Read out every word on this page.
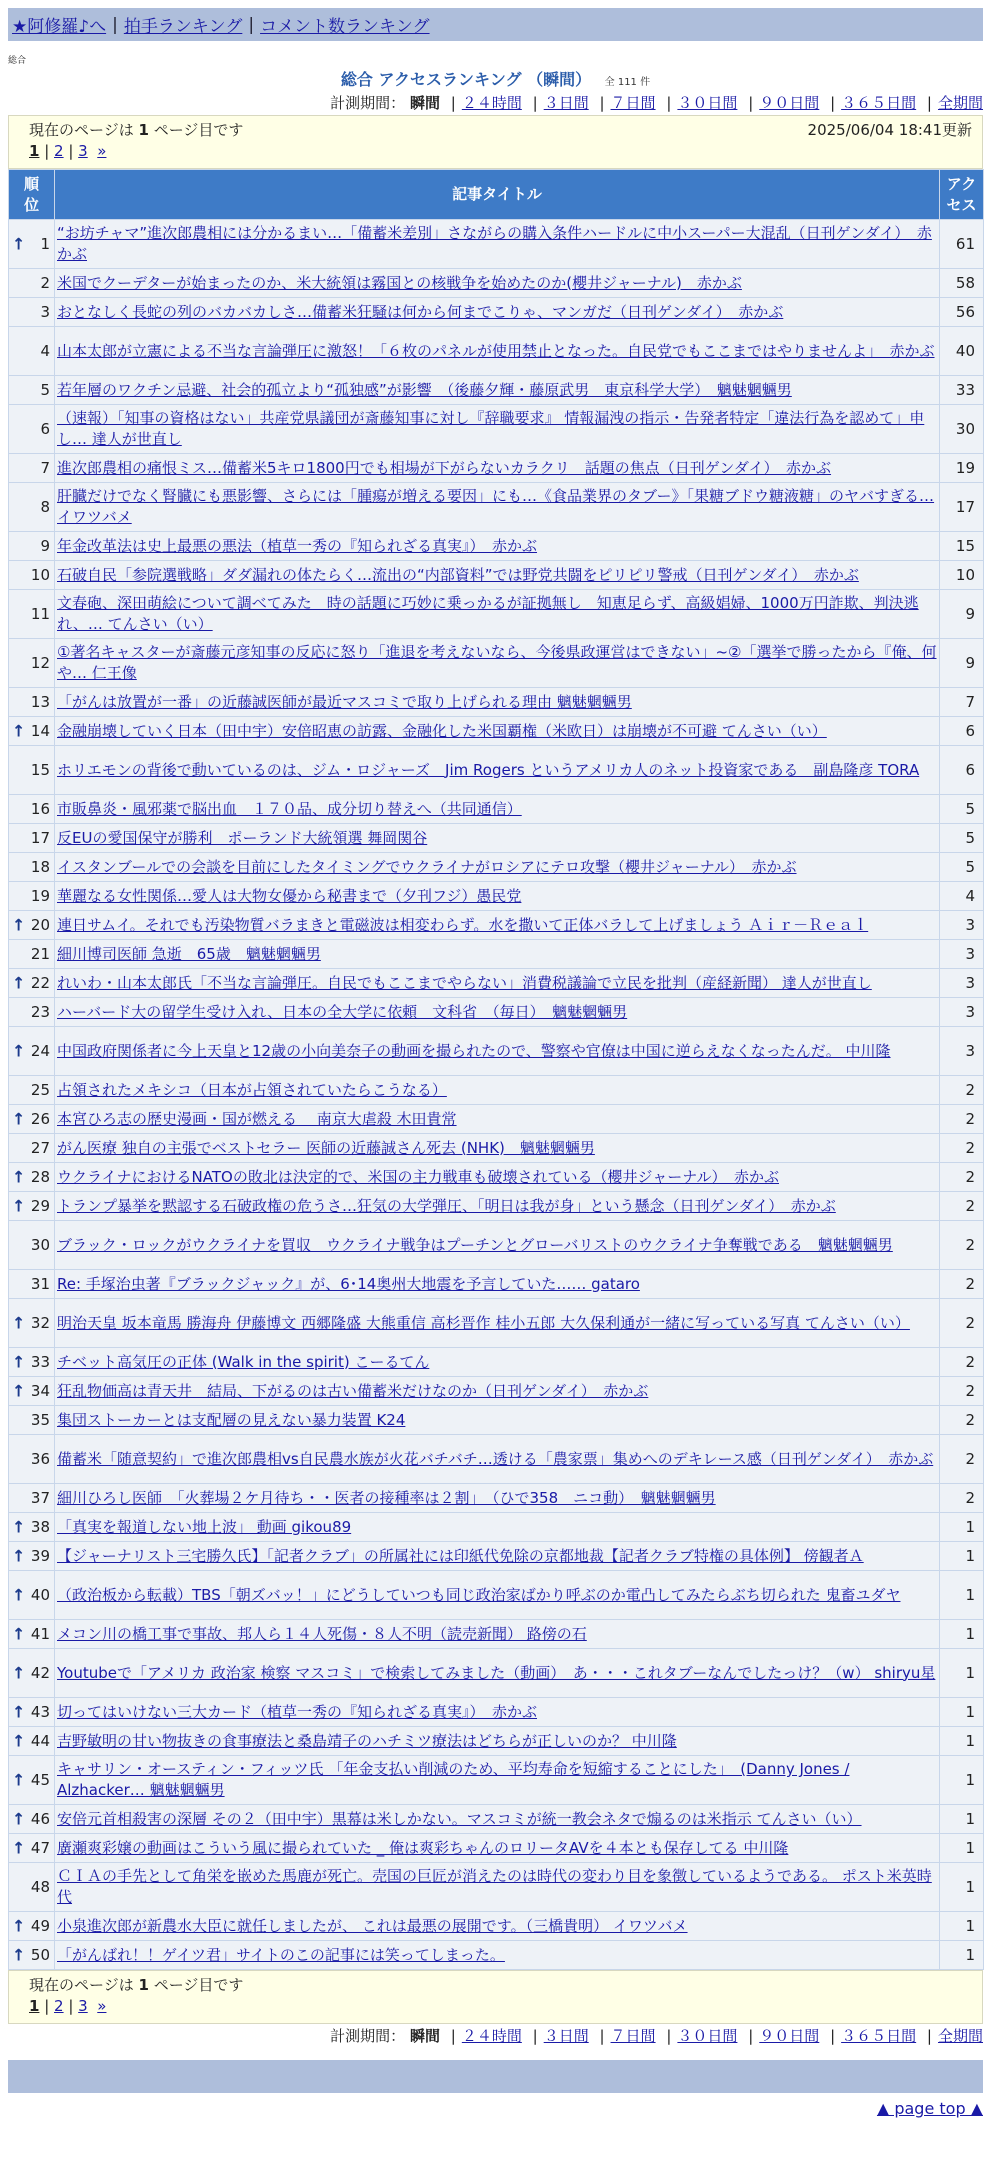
★阿修羅♪へ | 拍手ランキング | コメント数ランキング
総合
総合 アクセスランキング （瞬間） 全 111 件
計測期間： 瞬間 | ２４時間 | ３日間 | ７日間 | ３０日間 | ９０日間 | ３６５日間 | 全期間
現在のページは 1 ページ目です	2025/06/04 18:41更新
1 | 2 | 3 »
順位	記事タイトル	アクセス

↑ 1	“お坊チャマ”進次郎農相には分かるまい…「備蓄米差別」さながらの購入条件ハードルに中小スーパー大混乱（日刊ゲンダイ）　赤かぶ	61
2	米国でクーデターが始まったのか、米大統領は霧国との核戦争を始めたのか(櫻井ジャーナル)　赤かぶ	58
3	おとなしく長蛇の列のバカバカしさ…備蓄米狂騒は何から何までこりゃ、マンガだ（日刊ゲンダイ）　赤かぶ	56
4	山本太郎が立憲による不当な言論弾圧に激怒！「６枚のパネルが使用禁止となった。自民党でもここまではやりませんよ」　赤かぶ	40
5	若年層のワクチン忌避、社会的孤立より“孤独感”が影響　（後藤夕輝・藤原武男　東京科学大学）　魑魅魍魎男	33
6	（速報）「知事の資格はない」共産党県議団が斎藤知事に対し『辞職要求』 情報漏洩の指示・告発者特定「違法行為を認めて」申し… 達人が世直し	30
7	進次郎農相の痛恨ミス…備蓄米5キロ1800円でも相場が下がらないカラクリ　話題の焦点（日刊ゲンダイ）　赤かぶ	19
8	肝臓だけでなく腎臓にも悪影響、さらには「腫瘍が増える要因」にも…《食品業界のタブー》「果糖ブドウ糖液糖」のヤバすぎる… イワツバメ	17
9	年金改革法は史上最悪の悪法（植草一秀の『知られざる真実』）　赤かぶ	15
10	石破自民「参院選戦略」ダダ漏れの体たらく…流出の“内部資料”では野党共闘をピリピリ警戒（日刊ゲンダイ）　赤かぶ	10
11	文春砲、深田萌絵について調べてみた　時の話題に巧妙に乗っかるが証拠無し　知恵足らず、高級娼婦、1000万円詐欺、判決逃れ、… てんさい（い）	9
12	①著名キャスターが斎藤元彦知事の反応に怒り「進退を考えないなら、今後県政運営はできない」~②「選挙で勝ったから『俺、何や… 仁王像	9
13	「がんは放置が一番」の近藤誠医師が最近マスコミで取り上げられる理由 魑魅魍魎男	7

↑ 14	金融崩壊していく日本（田中宇）安倍昭恵の訪露、金融化した米国覇権（米欧日）は崩壊が不可避 てんさい（い）	6
15	ホリエモンの背後で動いているのは、ジム・ロジャーズ　Jim Rogers というアメリカ人のネット投資家である　副島隆彦 TORA	6
16	市販鼻炎・風邪薬で脳出血　１７０品、成分切り替えへ（共同通信）	5
17	反EUの愛国保守が勝利　ポーランド大統領選 舞岡関谷	5
18	イスタンブールでの会談を目前にしたタイミングでウクライナがロシアにテロ攻撃（櫻井ジャーナル）　赤かぶ	5
19	華麗なる女性関係…愛人は大物女優から秘書まで（夕刊フジ）愚民党	4

↑ 20	連日サムイ。それでも汚染物質バラまきと電磁波は相変わらず。水を撒いて正体バラして上げましょう Ａｉｒ－Ｒｅａｌ	3
21	細川博司医師 急逝　65歳　魑魅魍魎男	3

↑ 22	れいわ・山本太郎氏「不当な言論弾圧。自民でもここまでやらない」消費税議論で立民を批判（産経新聞） 達人が世直し	3
23	ハーバード大の留学生受け入れ、日本の全大学に依頼　文科省　（毎日）　魑魅魍魎男	3

↑ 24	中国政府関係者に今上天皇と12歳の小向美奈子の動画を撮られたので、警察や官僚は中国に逆らえなくなったんだ。 中川隆	3
25	占領されたメキシコ（日本が占領されていたらこうなる）	2

↑ 26	本宮ひろ志の歴史漫画・国が燃える　 南京大虐殺 木田貴常	2
27	がん医療 独自の主張でベストセラー 医師の近藤誠さん死去 (NHK)　魑魅魍魎男	2

↑ 28	ウクライナにおけるNATOの敗北は決定的で、米国の主力戦車も破壊されている（櫻井ジャーナル）　赤かぶ	2

↑ 29	トランプ暴挙を黙認する石破政権の危うさ…狂気の大学弾圧、「明日は我が身」という懸念（日刊ゲンダイ）　赤かぶ	2
30	ブラック・ロックがウクライナを買収　ウクライナ戦争はプーチンとグローバリストのウクライナ争奪戦である　魑魅魍魎男	2
31	Re: 手塚治虫著『ブラックジャック』が、6･14奥州大地震を予言していた…… gataro	2

↑ 32	明治天皇 坂本竜馬 勝海舟 伊藤博文 西郷隆盛 大熊重信 高杉晋作 桂小五郎 大久保利通が一緒に写っている写真 てんさい（い）	2

↑ 33	チベット高気圧の正体 (Walk in the spirit) こーるてん	2

↑ 34	狂乱物価高は青天井　結局、下がるのは古い備蓄米だけなのか（日刊ゲンダイ）　赤かぶ	2
35	集団ストーカーとは支配層の見えない暴力装置 K24	2
36	備蓄米「随意契約」で進次郎農相vs自民農水族が火花バチバチ…透ける「農家票」集めへのデキレース感（日刊ゲンダイ）　赤かぶ	2
37	細川ひろし医師　「火葬場２ケ月待ち・・医者の接種率は２割」　（ひで358　ニコ動）　魑魅魍魎男	2

↑ 38	「真実を報道しない地上波」 動画 gikou89	1

↑ 39	【ジャーナリスト三宅勝久氏】「記者クラブ」の所属社には印紙代免除の京都地裁【記者クラブ特権の具体例】 傍観者Ａ	1

↑ 40	（政治板から転載）TBS「朝ズバッ！」にどうしていつも同じ政治家ばかり呼ぶのか電凸してみたらぶち切られた 鬼畜ユダヤ	1

↑ 41	メコン川の橋工事で事故、邦人ら１４人死傷・８人不明（読売新聞） 路傍の石	1

↑ 42	Youtubeで「アメリカ 政治家 検察 マスコミ」で検索してみました（動画）　あ・・・これタブーなんでしたっけ？（w） shiryu星	1

↑ 43	切ってはいけない三大カード（植草一秀の『知られざる真実』）　赤かぶ	1

↑ 44	吉野敏明の甘い物抜きの食事療法と桑島靖子のハチミツ療法はどちらが正しいのか？ 中川隆	1

↑ 45	キャサリン・オースティン・フィッツ氏 「年金支払い削減のため、平均寿命を短縮することにした」　(Danny Jones / Alzhacker… 魑魅魍魎男	1

↑ 46	安倍元首相殺害の深層 その２（田中宇）黒幕は米しかない。マスコミが統一教会ネタで煽るのは米指示 てんさい（い）	1

↑ 47	廣瀬爽彩嬢の動画はこういう風に撮られていた _ 俺は爽彩ちゃんのロリータAVを４本とも保存してる 中川隆	1
48	ＣＩＡの手先として角栄を嵌めた馬鹿が死亡。売国の巨匠が消えたのは時代の変わり目を象徴しているようである。 ポスト米英時代	1

↑ 49	小泉進次郎が新農水大臣に就任しましたが、 これは最悪の展開です。（三橋貴明） イワツバメ	1

↑ 50	「がんばれ！！ゲイツ君」サイトのこの記事には笑ってしまった。	1
現在のページは 1 ページ目です
1 | 2 | 3 »
計測期間： 瞬間 | ２４時間 | ３日間 | ７日間 | ３０日間 | ９０日間 | ３６５日間 | 全期間
▲ page top ▲
